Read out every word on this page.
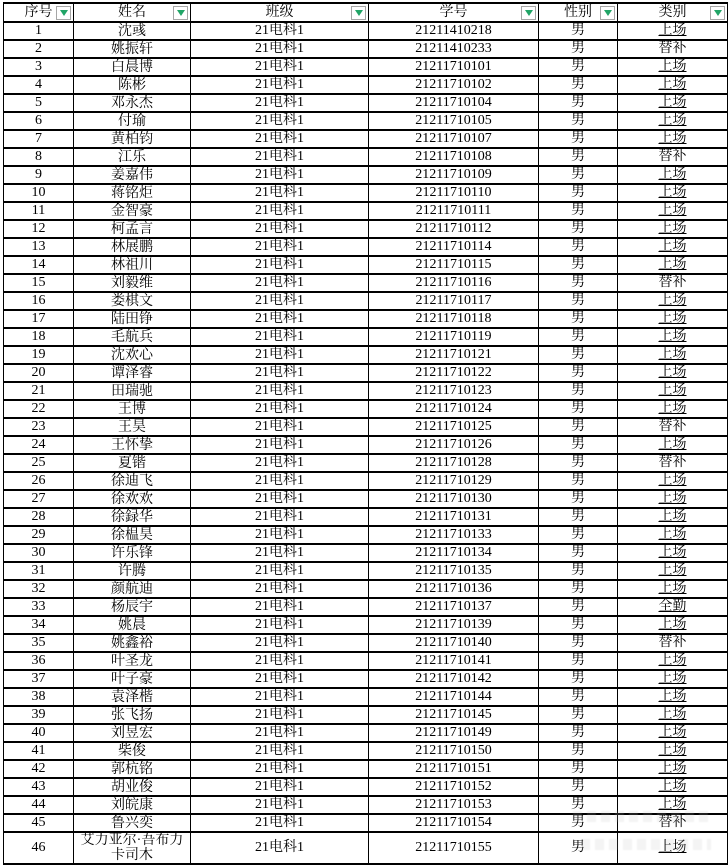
序号	姓名	班级	学号	性别	类别

1	沈彧	21电科1	21211410218	男	上场
2	姚振轩	21电科1	21211410233	男	替补
3	白晨博	21电科1	21211710101	男	上场
4	陈彬	21电科1	21211710102	男	上场
5	邓永杰	21电科1	21211710104	男	上场
6	付瑜	21电科1	21211710105	男	上场
7	黄柏钧	21电科1	21211710107	男	上场
8	江乐	21电科1	21211710108	男	替补
9	姜嘉伟	21电科1	21211710109	男	上场
10	蒋铭炬	21电科1	21211710110	男	上场
11	金智豪	21电科1	21211710111	男	上场
12	柯孟言	21电科1	21211710112	男	上场
13	林展鹏	21电科1	21211710114	男	上场
14	林祖川	21电科1	21211710115	男	上场
15	刘毅维	21电科1	21211710116	男	替补
16	娄棋文	21电科1	21211710117	男	上场
17	陆田铮	21电科1	21211710118	男	上场
18	毛航兵	21电科1	21211710119	男	上场
19	沈欢心	21电科1	21211710121	男	上场
20	谭泽睿	21电科1	21211710122	男	上场
21	田瑞驰	21电科1	21211710123	男	上场
22	王博	21电科1	21211710124	男	上场
23	王昊	21电科1	21211710125	男	替补
24	王怀挚	21电科1	21211710126	男	上场
25	夏锴	21电科1	21211710128	男	替补
26	徐迪飞	21电科1	21211710129	男	上场
27	徐欢欢	21电科1	21211710130	男	上场
28	徐録华	21电科1	21211710131	男	上场
29	徐榅昊	21电科1	21211710133	男	上场
30	许乐锋	21电科1	21211710134	男	上场
31	许腾	21电科1	21211710135	男	上场
32	颜航迪	21电科1	21211710136	男	上场
33	杨辰宇	21电科1	21211710137	男	全勤
34	姚晨	21电科1	21211710139	男	上场
35	姚鑫裕	21电科1	21211710140	男	替补
36	叶圣龙	21电科1	21211710141	男	上场
37	叶子豪	21电科1	21211710142	男	上场
38	袁泽楷	21电科1	21211710144	男	上场
39	张飞扬	21电科1	21211710145	男	上场
40	刘昱宏	21电科1	21211710149	男	上场
41	柴俊	21电科1	21211710150	男	上场
42	郭杭铭	21电科1	21211710151	男	上场
43	胡业俊	21电科1	21211710152	男	上场
44	刘皖康	21电科1	21211710153	男	上场
45	鲁兴奕	21电科1	21211710154	男	替补
46	艾力亚尔·吾布力卡司木	21电科1	21211710155	男	上场
